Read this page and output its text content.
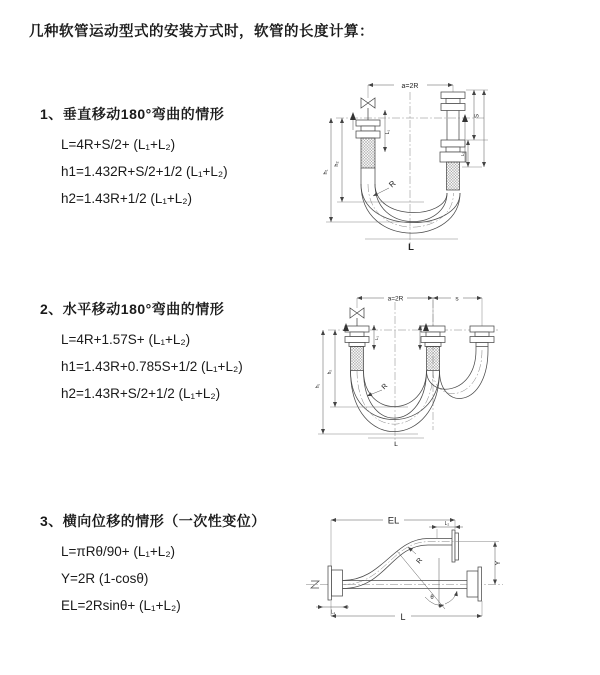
几种软管运动型式的安装方式时，软管的长度计算：
1、垂直移动180°弯曲的情形
L=4R+S/2+ (L₁+L₂)
h1=1.432R+S/2+1/2 (L₁+L₂)
h2=1.43R+1/2 (L₁+L₂)
2、水平移动180°弯曲的情形
L=4R+1.57S+ (L₁+L₂)
h1=1.43R+0.785S+1/2 (L₁+L₂)
h2=1.43R+S/2+1/2 (L₁+L₂)
3、横向位移的情形（一次性变位）
L=πRθ/90+ (L₁+L₂)
Y=2R (1-cosθ)
EL=2Rsinθ+ (L₁+L₂)
a=2R
h₁
h₂
L₁
S
L₂
R
L
a=2R	s
L₁
h₁
h₂
R
L
EL	L₂
Y
R
θ
L
L₁
